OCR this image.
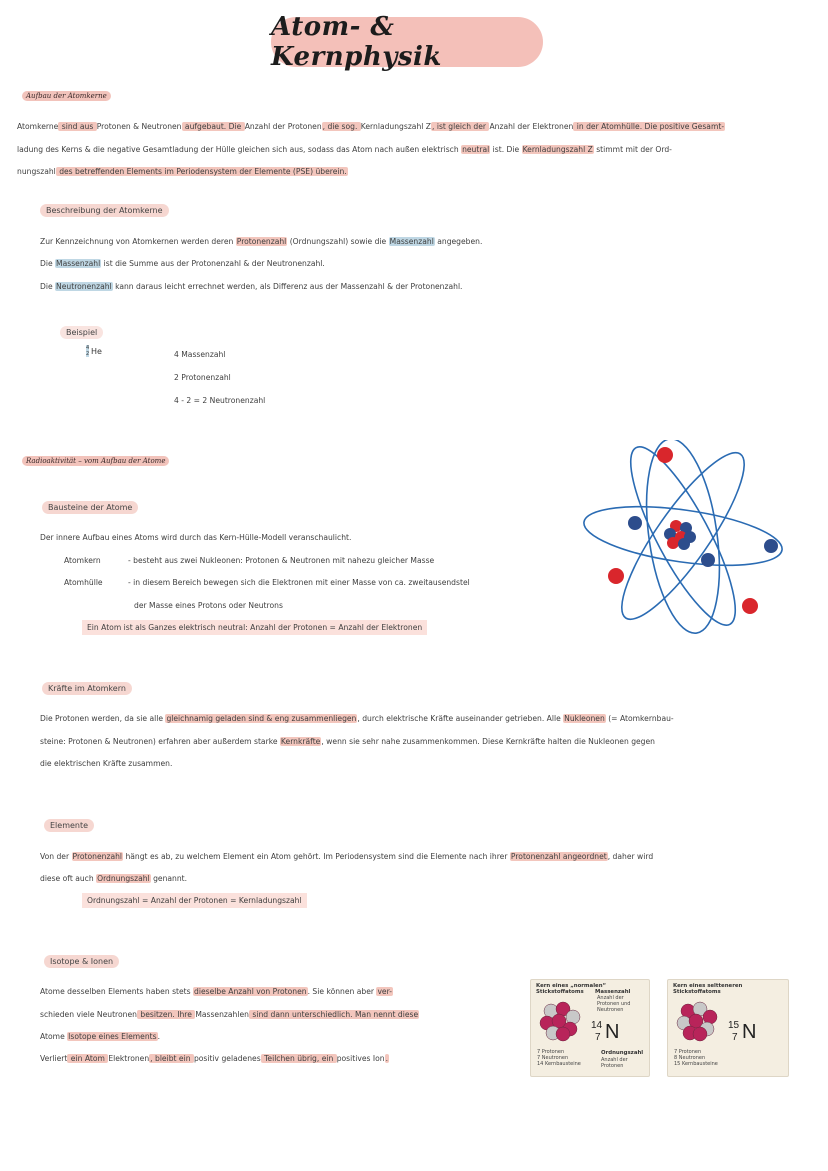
Atom- & Kernphysik
Aufbau der Atomkerne
Atomkerne sind aus Protonen & Neutronen aufgebaut. Die Anzahl der Protonen, die sog. Kernladungszahl Z, ist gleich der Anzahl der Elektronen in der Atomhülle. Die positive Gesamt-
ladung des Kerns & die negative Gesamtladung der Hülle gleichen sich aus, sodass das Atom nach außen elektrisch neutral ist. Die Kernladungszahl Z stimmt mit der Ord-
nungszahl des betreffenden Elements im Periodensystem der Elemente (PSE) überein.
Beschreibung der Atomkerne
Zur Kennzeichnung von Atomkernen werden deren Protonenzahl (Ordnungszahl) sowie die Massenzahl angegeben.
Die Massenzahl ist die Summe aus der Protonenzahl & der Neutronenzahl.
Die Neutronenzahl kann daraus leicht errechnet werden, als Differenz aus der Massenzahl & der Protonenzahl.
Beispiel
4
2 He	4 Massenzahl
2 Protonenzahl
4 - 2 = 2 Neutronenzahl
Radioaktivität – vom Aufbau der Atome
Bausteine der Atome
Der innere Aufbau eines Atoms wird durch das Kern-Hülle-Modell veranschaulicht.
Atomkern	- besteht aus zwei Nukleonen: Protonen & Neutronen mit nahezu gleicher Masse
Atomhülle	- in diesem Bereich bewegen sich die Elektronen mit einer Masse von ca. zweitausendstel
der Masse eines Protons oder Neutrons
Ein Atom ist als Ganzes elektrisch neutral: Anzahl der Protonen = Anzahl der Elektronen
Kräfte im Atomkern
Die Protonen werden, da sie alle gleichnamig geladen sind & eng zusammenliegen, durch elektrische Kräfte auseinander getrieben. Alle Nukleonen (= Atomkernbau-
steine: Protonen & Neutronen) erfahren aber außerdem starke Kernkräfte, wenn sie sehr nahe zusammenkommen. Diese Kernkräfte halten die Nukleonen gegen
die elektrischen Kräfte zusammen.
Elemente
Von der Protonenzahl hängt es ab, zu welchem Element ein Atom gehört. Im Periodensystem sind die Elemente nach ihrer Protonenzahl angeordnet, daher wird
diese oft auch Ordnungszahl genannt.
Ordnungszahl = Anzahl der Protonen = Kernladungszahl
Isotope & Ionen
Atome desselben Elements haben stets dieselbe Anzahl von Protonen. Sie können aber ver-
schieden viele Neutronen besitzen. Ihre Massenzahlen sind dann unterschiedlich. Man nennt diese
Atome Isotope eines Elements.
Verliert ein Atom Elektronen, bleibt ein positiv geladenes Teilchen übrig, ein positives Ion.
Kern eines „normalen“
Stickstoffatoms Massenzahl
Anzahl der
Protonen und
Neutronen
14
7 N
7 Protonen
7 Neutronen
14 Kernbausteine
Ordnungszahl
Anzahl der
Protonen
Kern eines seltteneren
Stickstoffatoms
15
7 N
7 Protonen
8 Neutronen
15 Kernbausteine
